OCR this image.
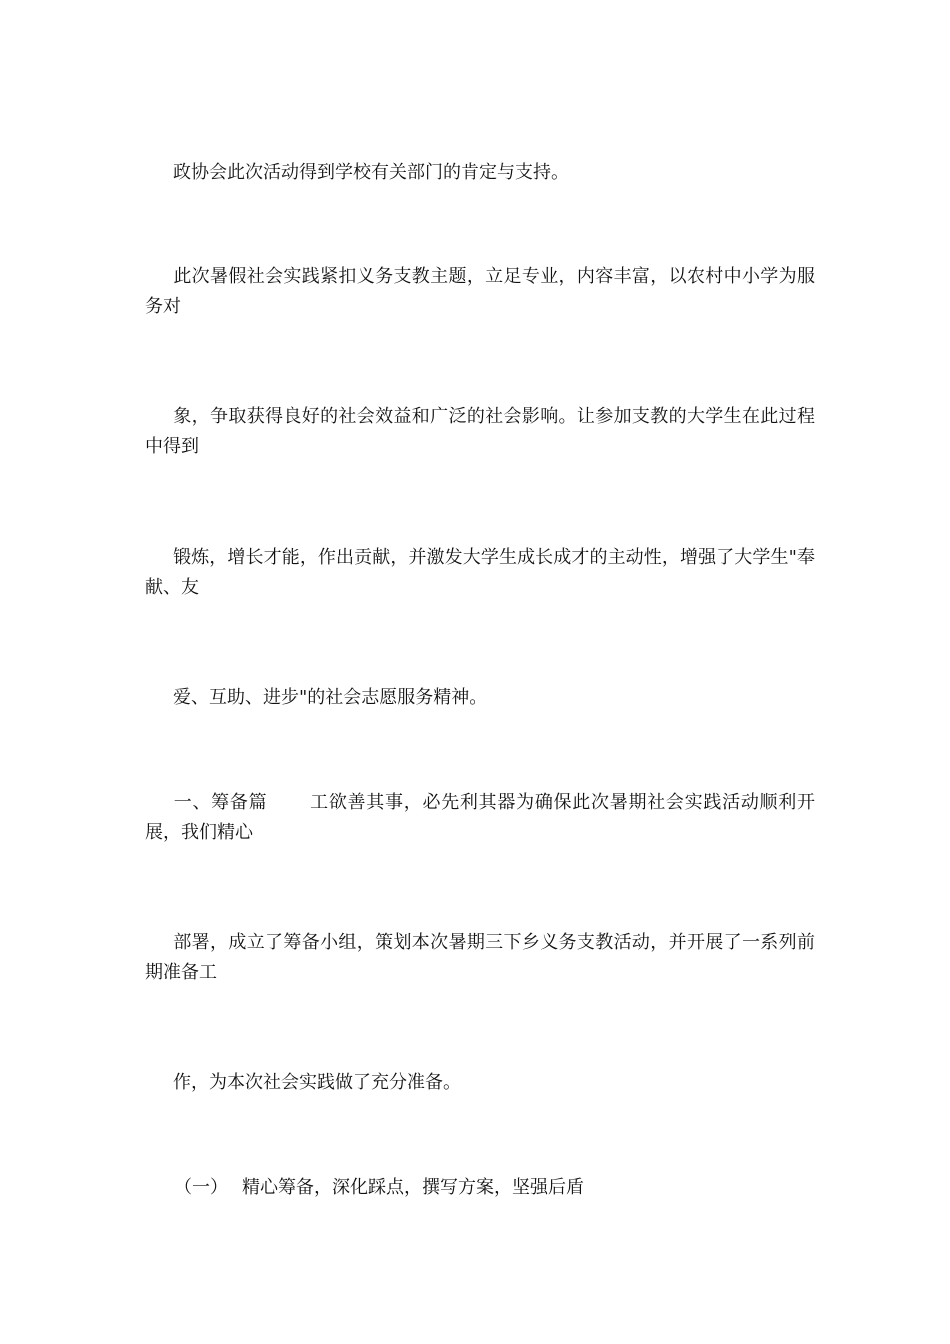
政协会此次活动得到学校有关部门的肯定与支持。

此次暑假社会实践紧扣义务支教主题，立足专业，内容丰富，以农村中小学为服务对

象，争取获得良好的社会效益和广泛的社会影响。让参加支教的大学生在此过程中得到

锻炼，增长才能，作出贡献，并激发大学生成长成才的主动性，增强了大学生"奉献、友

爱、互助、进步"的社会志愿服务精神。

一、筹备篇 工欲善其事，必先利其器为确保此次暑期社会实践活动顺利开展，我们精心

部署，成立了筹备小组，策划本次暑期三下乡义务支教活动，并开展了一系列前期准备工

作，为本次社会实践做了充分准备。

（一） 精心筹备，深化踩点，撰写方案，坚强后盾
